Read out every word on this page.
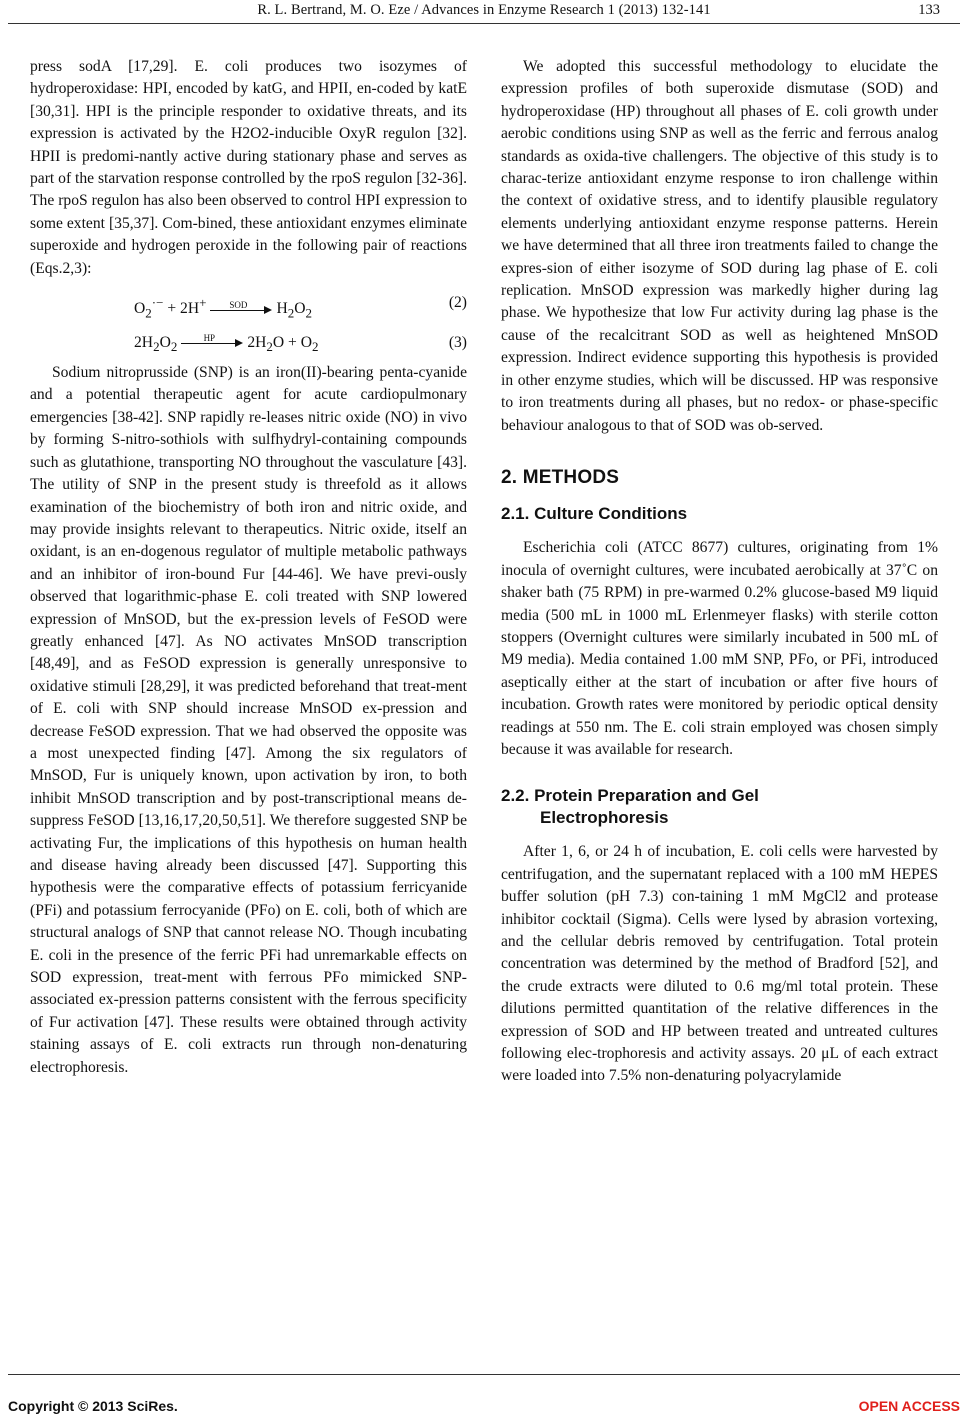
R. L. Bertrand, M. O. Eze / Advances in Enzyme Research 1 (2013) 132-141	133

press sodA [17,29]. E. coli produces two isozymes of hydroperoxidase: HPI, encoded by katG, and HPII, en-coded by katE [30,31]. HPI is the principle responder to oxidative threats, and its expression is activated by the H2O2-inducible OxyR regulon [32]. HPII is predomi-nantly active during stationary phase and serves as part of the starvation response controlled by the rpoS regulon [32-36]. The rpoS regulon has also been observed to control HPI expression to some extent [35,37]. Com-bined, these antioxidant enzymes eliminate superoxide and hydrogen peroxide in the following pair of reactions (Eqs.2,3):

$O_2^{\cdot-} + 2H^+$	SOD	$H_2O_2$
(2)
$2H_2O_2$
HP	$2H_2O + O_2$	(3)

Sodium nitroprusside (SNP) is an iron(II)-bearing penta-cyanide and a potential therapeutic agent for acute cardiopulmonary emergencies [38-42]. SNP rapidly re-leases nitric oxide (NO) in vivo by forming S-nitro-sothiols with sulfhydryl-containing compounds such as glutathione, transporting NO throughout the vasculature [43]. The utility of SNP in the present study is threefold as it allows examination of the biochemistry of both iron and nitric oxide, and may provide insights relevant to therapeutics. Nitric oxide, itself an oxidant, is an en-dogenous regulator of multiple metabolic pathways and an inhibitor of iron-bound Fur [44-46]. We have previ-ously observed that logarithmic-phase E. coli treated with SNP lowered expression of MnSOD, but the ex-pression levels of FeSOD were greatly enhanced [47]. As NO activates MnSOD transcription [48,49], and as FeSOD expression is generally unresponsive to oxidative stimuli [28,29], it was predicted beforehand that treat-ment of E. coli with SNP should increase MnSOD ex-pression and decrease FeSOD expression. That we had observed the opposite was a most unexpected finding [47]. Among the six regulators of MnSOD, Fur is uniquely known, upon activation by iron, to both inhibit MnSOD transcription and by post-transcriptional means de-suppress FeSOD [13,16,17,20,50,51]. We therefore suggested SNP be activating Fur, the implications of this hypothesis on human health and disease having already been discussed [47]. Supporting this hypothesis were the comparative effects of potassium ferricyanide (PFi) and potassium ferrocyanide (PFo) on E. coli, both of which are structural analogs of SNP that cannot release NO. Though incubating E. coli in the presence of the ferric PFi had unremarkable effects on SOD expression, treat-ment with ferrous PFo mimicked SNP-associated ex-pression patterns consistent with the ferrous specificity of Fur activation [47]. These results were obtained through activity staining assays of E. coli extracts run through non-denaturing electrophoresis.

We adopted this successful methodology to elucidate the expression profiles of both superoxide dismutase (SOD) and hydroperoxidase (HP) throughout all phases of E. coli growth under aerobic conditions using SNP as well as the ferric and ferrous analog standards as oxida-tive challengers. The objective of this study is to charac-terize antioxidant enzyme response to iron challenge within the context of oxidative stress, and to identify plausible regulatory elements underlying antioxidant enzyme response patterns. Herein we have determined that all three iron treatments failed to change the expres-sion of either isozyme of SOD during lag phase of E. coli replication. MnSOD expression was markedly higher during lag phase. We hypothesize that low Fur activity during lag phase is the cause of the recalcitrant SOD as well as heightened MnSOD expression. Indirect evidence supporting this hypothesis is provided in other enzyme studies, which will be discussed. HP was responsive to iron treatments during all phases, but no redox- or phase-specific behaviour analogous to that of SOD was ob-served.

2. METHODS
2.1. Culture Conditions

Escherichia coli (ATCC 8677) cultures, originating from 1% inocula of overnight cultures, were incubated aerobically at 37˚C on shaker bath (75 RPM) in pre-warmed 0.2% glucose-based M9 liquid media (500 mL in 1000 mL Erlenmeyer flasks) with sterile cotton stoppers (Overnight cultures were similarly incubated in 500 mL of M9 media). Media contained 1.00 mM SNP, PFo, or PFi, introduced aseptically either at the start of incubation or after five hours of incubation. Growth rates were monitored by periodic optical density readings at 550 nm. The E. coli strain employed was chosen simply because it was available for research.

2.2. Protein Preparation and Gel
Electrophoresis

After 1, 6, or 24 h of incubation, E. coli cells were harvested by centrifugation, and the supernatant replaced with a 100 mM HEPES buffer solution (pH 7.3) con-taining 1 mM MgCl2 and protease inhibitor cocktail (Sigma). Cells were lysed by abrasion vortexing, and the cellular debris removed by centrifugation. Total protein concentration was determined by the method of Bradford [52], and the crude extracts were diluted to 0.6 mg/ml total protein. These dilutions permitted quantitation of the relative differences in the expression of SOD and HP between treated and untreated cultures following elec-trophoresis and activity assays. 20 μL of each extract were loaded into 7.5% non-denaturing polyacrylamide

Copyright © 2013 SciRes.	OPEN ACCESS
